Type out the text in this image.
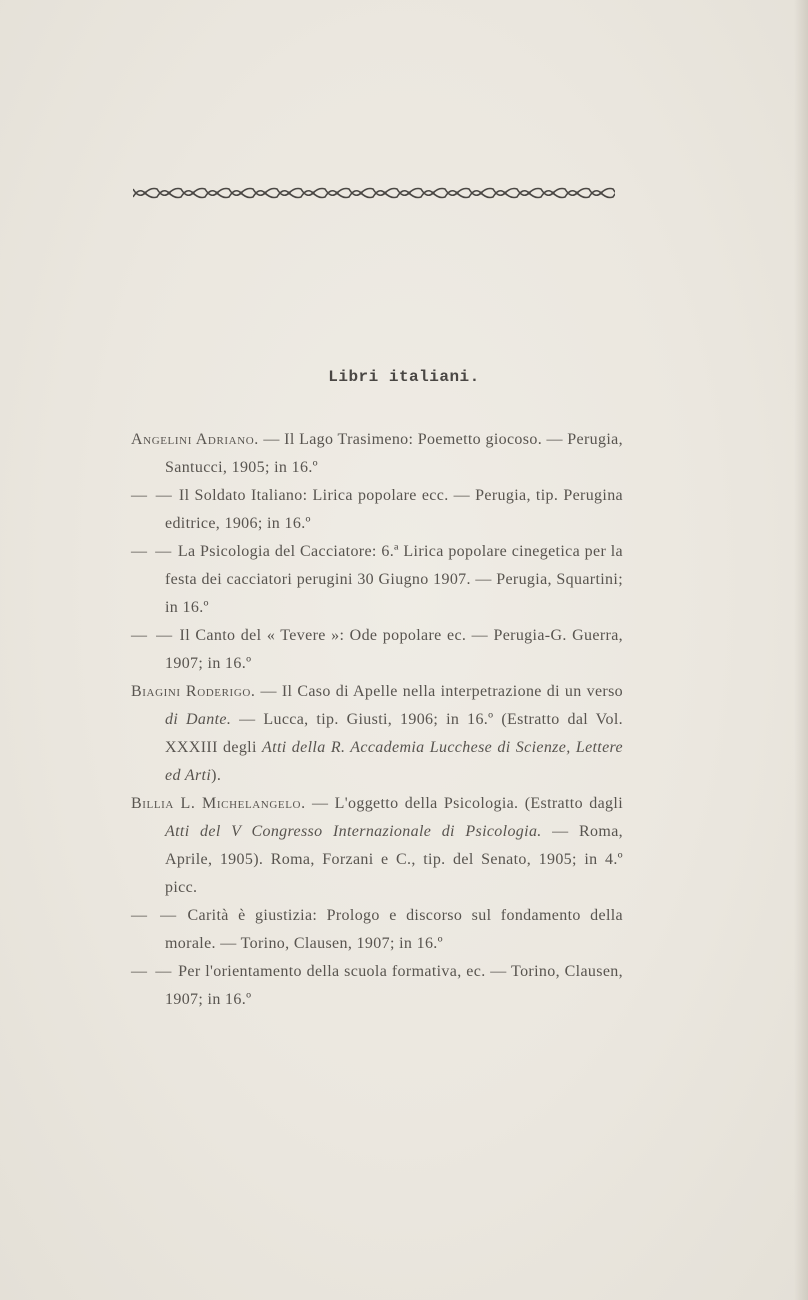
Libri italiani.

Angelini Adriano. — Il Lago Trasimeno: Poemetto giocoso. — Perugia, Santucci, 1905; in 16.º

— — Il Soldato Italiano: Lirica popolare ecc. — Perugia, tip. Perugina editrice, 1906; in 16.º

— — La Psicologia del Cacciatore: 6.ª Lirica popolare cinegetica per la festa dei cacciatori perugini 30 Giugno 1907. — Perugia, Squartini; in 16.º

— — Il Canto del « Tevere »: Ode popolare ec. — Perugia-G. Guerra, 1907; in 16.º

Biagini Roderigo. — Il Caso di Apelle nella interpetrazione di un verso di Dante. — Lucca, tip. Giusti, 1906; in 16.º (Estratto dal Vol. XXXIII degli Atti della R. Accademia Lucchese di Scienze, Lettere ed Arti).

Billia L. Michelangelo. — L'oggetto della Psicologia. (Estratto dagli Atti del V Congresso Internazionale di Psicologia. — Roma, Aprile, 1905). Roma, Forzani e C., tip. del Senato, 1905; in 4.º picc.

— — Carità è giustizia: Prologo e discorso sul fondamento della morale. — Torino, Clausen, 1907; in 16.º

— — Per l'orientamento della scuola formativa, ec. — Torino, Clausen, 1907; in 16.º
